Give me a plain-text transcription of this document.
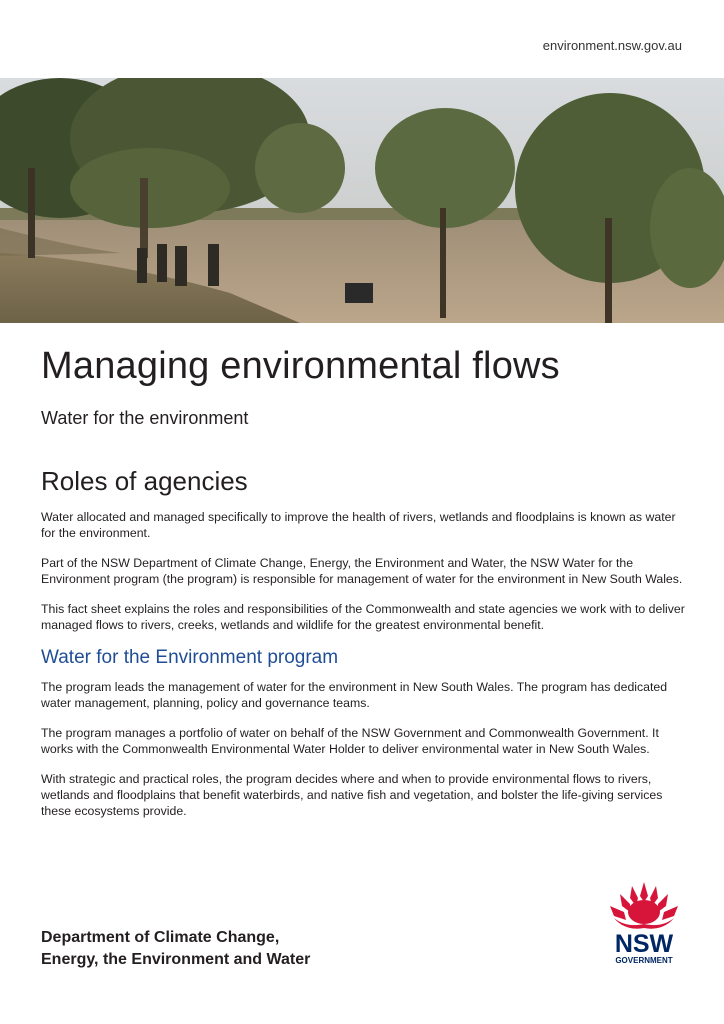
environment.nsw.gov.au
Managing environmental flows
Water for the environment
Roles of agencies

Water allocated and managed specifically to improve the health of rivers, wetlands and floodplains is known as water for the environment.

Part of the NSW Department of Climate Change, Energy, the Environment and Water, the NSW Water for the Environment program (the program) is responsible for management of water for the environment in New South Wales.

This fact sheet explains the roles and responsibilities of the Commonwealth and state agencies we work with to deliver managed flows to rivers, creeks, wetlands and wildlife for the greatest environmental benefit.

Water for the Environment program

The program leads the management of water for the environment in New South Wales. The program has dedicated water management, planning, policy and governance teams.

The program manages a portfolio of water on behalf of the NSW Government and Commonwealth Government. It works with the Commonwealth Environmental Water Holder to deliver environmental water in New South Wales.

With strategic and practical roles, the program decides where and when to provide environmental flows to rivers, wetlands and floodplains that benefit waterbirds, and native fish and vegetation, and bolster the life-giving services these ecosystems provide.

Department of Climate Change,
Energy, the Environment and Water
NSW
GOVERNMENT
